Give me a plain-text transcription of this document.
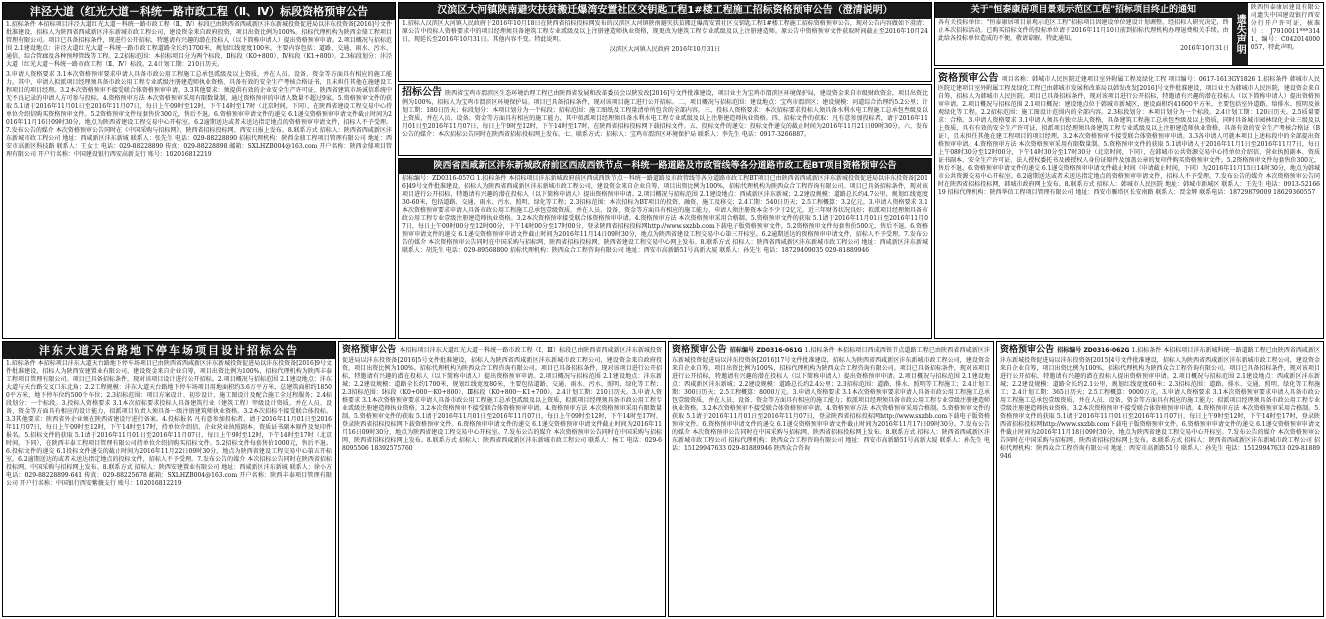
沣泾大道（红光大道－科统一路市政工程（Ⅱ、Ⅳ）标段资格预审公告
1.招标条件 本招标项目沣泾大道红光大道－科统一路市政工程（Ⅱ、Ⅳ）标段已由陕西省西咸新区沣东新城投资促进局以沣东投资备[2016]号文件批准建设，招标人为陕西省西咸新区沣东新城市政工程公司，建设资金来自政府投资，项目出资比例为100%。招标代理机构为陕西金鼎工程项目管理有限公司。项目已具备招标条件，现进行公开招标，特邀请有兴趣的潜在投标人（以下简称申请人）提出资格预审申请。2.项目概况与招标范围 2.1建设地点：沣泾大道红光大道－科统一路市政工程道路全长约1700米，规划红线宽度100米。主要内容包括：道路、交通、雨水、污水、通信、综合管廊及各种预埋管线等工程。2.2招标范围：本招标项目分为两个标段，Ⅱ标段（K0+800）、Ⅳ标段（K1+800）。2.3标段划分：沣泾大道（红光大道－科统一路市政工程（Ⅱ、Ⅳ）标段。2.4计划工期：210日历天。
3.申请人资格要求 3.1本次资格预审要求申请人具备市政公用工程施工总承包贰级及以上资质，并在人员、设备、资金等方面具有相应的施工能力。其中，申请人拟派项目经理须具备市政公用工程专业贰级注册建造师执业资格，具备有效的安全生产考核合格证书，且未担任其他在施建设工程项目的项目经理。3.2本次资格预审不接受联合体资格预审申请。3.3其他要求：须提供有效的企业安全生产许可证，陕西省建筑市场诚信系统中无不良记录的申请人方可参与投标。4.资格预审方法 本次资格预审采用有限数量制，通过资格预审的申请人数量不超过9家。5.资格预审文件的获取 5.1请于2016年11月01日至2016年11月07日，每日上午09时至12时，下午14时至17时（北京时间，下同），在陕西省建设工程交易中心持单位介绍信购买资格预审文件。5.2资格预审文件每套售价300元，售后不退。6.资格预审申请文件的递交 6.1递交资格预审申请文件截止时间为2016年11月16日09时30分，地点为陕西省建设工程交易中心开标室。6.2逾期送达或者未送达指定地点的资格预审申请文件，招标人不予受理。7.发布公告的媒介 本次资格预审公告同时在《中国采购与招标网》、陕西省招标投标网、西安日报上发布。8.联系方式 招标人：陕西省西咸新区沣东新城市政工程公司 地址：西咸新区沣东新城 联系人：张先生 电话：029-88228890 招标代理机构：陕西金鼎工程项目管理有限公司 地址：西安市高新区科技路 联系人：王女士 电话：029-88228899 传真：029-88228898 邮箱：SXLHZB004@163.com 开户名称：陕西金鼎项目管理有限公司 开户行名称：中国建设银行西安高新支行 账号：102016812219
汉滨区大河镇陕南避灾扶贫搬迁爆湾安置社区交钥匙工程1#楼工程施工招标资格预审公告（澄清说明）
1.招标人汉滨区大河镇人民政府于2016年10月18日在陕西省招标投标网发布的汉滨区大河镇陕南避灾扶贫搬迁爆湾安置社区交钥匙工程1#楼工程施工招标资格预审公告，现对公告内容做如下澄清：原公告中投标人资格要求中的项目经理须具备建筑工程专业贰级及以上注册建造师执业资格，现更改为建筑工程专业贰级及以上注册建造师。原公告中资格预审文件获取时间截止至2016年10月24日，现延长至2016年10月31日。其他内容不变。特此说明。
汉滨区大河镇人民政府 2016年10月31日
关于"恒泰康居项目景观示范区工程"招标项目终止的通知
各有关投标单位："恒泰康居项目景观示范区工程"招标项目因建设单位建设计划调整，经招标人研究决定，终止本次招标活动。已购买招标文件的投标单位请于2016年11月10日前到招标代理机构办理退费相关手续。由此给各投标单位造成的不便，敬请谅解。特此通知。
2016年10月31日 遗失声明
陕西恒泰康居建设有限公司遗失中国建设银行西安分行开户许可证，核准号：J7910011***3141，编号：C042014000057，特此声明。
招标公告 陕西省宝鸡市渭滨区生态环境治理工程已由陕西省发展和改革委员会以陕发改[2016]号文件批准建设，项目业主为宝鸡市渭滨区环境保护局，建设资金来自市级财政资金，项目出资比例为100%，招标人为宝鸡市渭滨区环境保护局。项目已具备招标条件，现对该项目施工进行公开招标。二、项目概况与招标范围：建设地点：宝鸡市渭滨区；建设规模：河道综合治理约5.2公里；计划工期：180日历天；标段划分：本项目划分为一个标段；招标范围：施工图纸及工程量清单所包含的全部内容。三、投标人资格要求：本次招标要求投标人须具备水利水电工程施工总承包叁级及以上资质，并在人员、设备、资金等方面具有相应的施工能力，其中拟派项目经理须具备水利水电工程专业贰级及以上注册建造师执业资格。四、招标文件的获取：凡有意参加投标者，请于2016年11月01日至2016年11月07日，每日上午9时至12时，下午14时至17时，在陕西省招标投标网下载招标文件。五、投标文件的递交：投标文件递交的截止时间为2016年11月21日09时30分。六、发布公告的媒介：本次招标公告同时在陕西省招标投标网上发布。七、联系方式：招标人：宝鸡市渭滨区环境保护局 联系人：李先生 电话：0917-3266887。
陕西省西咸新区沣东新城政府前区西成西铁节点－科统一路道路及市政管线等各分道路市政工程BT项目资格预审公告
招标编号：ZD0316-057G 1.招标条件 本招标项目沣东新城政府前区西成西铁节点－科统一路道路及市政管线等各分道路市政工程BT项目已由陕西省西咸新区沣东新城投资促进局以沣东投资备[2016]49号文件批准建设，招标人为陕西省西咸新区沣东新城市政工程公司，建设资金来自企业自筹，项目出资比例为100%，招标代理机构为陕西众合工程咨询有限公司。项目已具备招标条件，现对该项目进行公开招标，特邀请有兴趣的潜在投标人（以下简称申请人）提出资格预审申请。2.项目概况与招标范围 2.1建设地点：西咸新区沣东新城；2.2建设规模：道路总长约4.7公里，规划红线宽度30-60米，包括道路、交通、雨水、污水、照明、绿化等工程；2.3招标范围：本次招标为BT项目的投资、融资、施工及移交；2.4工期：540日历天；2.5工程概算：3.2亿元。3.申请人资格要求 3.1本次资格预审要求申请人具备市政公用工程施工总承包壹级资质，并在人员、设备、资金等方面具有相应的施工能力，申请人须注册资本金不少于2亿元，近三年财务状况良好；拟派项目经理须具备市政公用工程专业壹级注册建造师执业资格。3.2本次资格预审接受联合体资格预审申请。4.资格预审方法 本次资格预审采用合格制。5.资格预审文件的获取 5.1请于2016年11月01日至2016年11月07日，每日上午09时00分至12时00分，下午14时00分至17时00分，登录陕西省招标投标网http://www.sxzbb.com下载电子版资格预审文件。5.2资格预审文件每套售价500元，售后不退。6.资格预审申请文件的递交 6.1递交资格预审申请文件截止时间为2016年11月14日09时30分，地点为陕西省建设工程交易中心第三开标室。6.2逾期送达的资格预审申请文件，招标人不予受理。7.发布公告的媒介 本次资格预审公告同时在中国采购与招标网、陕西省招标投标网、陕西省建设工程交易中心网上发布。8.联系方式 招标人：陕西省西咸新区沣东新城市政工程公司 地址：西咸新区沣东新城 联系人：胡先生 电话：029-89568800 招标代理机构：陕西众合工程咨询有限公司 地址：西安市高新路51号高新大厦 联系人：孙先生 电话：18729409035 029-81889946
资格预审公告 项目名称：韩城市人民医院迁建项目室外附属工程及绿化工程 项目编号：0617-1613GY1826 1.招标条件 韩城市人民医院迁建项目室外附属工程及绿化工程已由韩城市发展和改革局以韩发改发[2016]号文件批准建设，项目业主为韩城市人民医院，建设资金来自自筹，招标人为韩城市人民医院。项目已具备招标条件，现对该项目进行公开招标，特邀请有兴趣的潜在投标人（以下简称申请人）提出资格预审申请。2.项目概况与招标范围 2.1项目概况：建设地点位于韩城市新城区，建设面积约41600平方米，主要包括室外道路、给排水、照明及景观绿化等工程。2.2招标范围：施工图设计范围内的全部内容。2.3标段划分：本项目划分为一个标段。2.4计划工期：120日历天。2.5质量要求：合格。3.申请人资格要求 3.1申请人须具有独立法人资格，具备建筑工程施工总承包叁级及以上资质，同时具备城市园林绿化企业三级及以上资质，具有有效的安全生产许可证，拟派项目经理须具备建筑工程专业贰级及以上注册建造师执业资格，具备有效的安全生产考核合格证（B证），且未担任其他在建工程项目的项目经理。3.2本次资格预审不接受联合体资格预审申请。3.3各申请人可就本项目上述标段中的全部提出资格预审申请。4.资格预审方法 本次资格预审采用有限数量制。5.资格预审文件的获取 5.1请申请人于2016年11月1日至2016年11月7日，每日上午08时30分至12时00分，下午14时30分至17时30分（北京时间，下同），在韩城市公共资源交易中心持单位介绍信、营业执照副本、资质证书副本、安全生产许可证、法人授权委托书及被授权人身份证原件及加盖公章的复印件购买资格预审文件。5.2资格预审文件每套售价300元，售后不退。6.资格预审申请文件的递交 6.1递交资格预审申请文件截止时间（申请截止时间，下同）为2016年11月15日14时30分，地点为韩城市公共资源交易中心开标室。6.2逾期送达或者未送达指定地点的资格预审申请文件，招标人不予受理。7.发布公告的媒介 本次资格预审公告同时在陕西省招标投标网、韩城市政府网上发布。8.联系方式 招标人：韩城市人民医院 地址：韩城市新城区 联系人：王先生 电话：0913-5216619 招标代理机构：陕西华信工程项目管理有限公司 地址：西安市雁塔区长安南路 联系人：贾金辉 联系电话：18729879009 18629360557
沣东大道天台路地下停车场项目设计招标公告
1.招标条件 本招标项目沣东大道天台路地下停车场项目已由陕西省西咸新区沣东新城投资促进局以沣东投资备[2016]9号文件批准建设，招标人为陕西安建置业有限公司，建设资金来自企业自筹，项目出资比例为100%，招标代理机构为陕西丰泰工程项目管理有限公司。项目已具备招标条件，现对该项目设计进行公开招标。2.项目概况与招标范围 2.1建设地点：沣东大道与天台路交叉口东北角；2.2工程规模：沣东大道天台路地下停车场项目用地面积约3.6万平方米，总建筑面积约18500平方米，地下停车位约500个车位；2.3招标范围：项目方案设计、初步设计、施工图设计及配合施工全过程服务；2.4标段划分：一个标段。3.投标人资格要求 3.1本次招标要求投标人具备建筑行业（建筑工程）甲级设计资质，并在人员、设备、资金等方面具有相应的设计能力，拟派项目负责人须具备一级注册建筑师执业资格。3.2本次招标不接受联合体投标。3.3其他要求：陕西省外企业须在陕西省建设厅进行备案。4.投标报名 凡有意参加投标者，请于2016年11月01日至2016年11月07日，每日上午09时至12时，下午14时至17时，持单位介绍信、企业营业执照副本、资质证书副本原件及复印件报名。5.招标文件的获取 5.1请于2016年11月01日至2016年11月07日，每日上午9时至12时，下午14时至17时（北京时间，下同），在陕西丰泰工程项目管理有限公司持单位介绍信购买招标文件。5.2招标文件每套售价1000元，售后不退。6.投标文件的递交 6.1投标文件递交的截止时间为2016年11月22日09时30分，地点为陕西省建设工程交易中心第五开标室。6.2逾期送达的或者未送达指定地点的投标文件，招标人不予受理。7.发布公告的媒介 本次招标公告同时在陕西省招标投标网、中国采购与招标网上发布。8.联系方式 招标人：陕西安建置业有限公司 地址：西咸新区沣东新城 联系人：徐小方 电话：029-88228899-641 传真：029-88225678 邮箱：SXLHZB004@163.com 开户名称：陕西丰泰项目管理有限公司 开户行名称：中国银行西安紫薇支行 账号：102016812219
资格预审公告 本招标项目沣东大道红光大道－科统一路市政工程（Ⅰ、Ⅲ）标段已由陕西省西咸新区沣东新城投资促进局以沣东投资备[2016]5号文件批准建设，招标人为陕西省西咸新区沣东新城市政工程公司，建设资金来自政府投资，项目出资比例为100%。招标代理机构为陕西众合工程咨询有限公司。项目已具备招标条件，现对该项目进行公开招标，特邀请有兴趣的潜在投标人（以下简称申请人）提出资格预审申请。2.项目概况与招标范围 2.1建设地点：沣东新城；2.2建设规模：道路全长约1700米，规划红线宽度80米，主要包括道路、交通、雨水、污水、照明、绿化等工程；2.3招标范围：Ⅰ标段（K0+000～K0+800）、Ⅲ标段（K0+800～K1+700）。2.4计划工期：210日历天。3.申请人资格要求 3.1本次资格预审要求申请人具备市政公用工程施工总承包贰级及以上资质，拟派项目经理须具备市政公用工程专业贰级注册建造师执业资格。3.2本次资格预审不接受联合体资格预审申请。4.资格预审方法 本次资格预审采用有限数量制。5.资格预审文件的获取 5.1请于2016年11月01日至2016年11月07日，每日上午09时至12时，下午14时至17时，登录陕西省招标投标网下载资格预审文件。6.资格预审申请文件的递交 6.1递交资格预审申请文件截止时间为2016年11月16日09时30分，地点为陕西省建设工程交易中心开标室。7.发布公告的媒介 本次资格预审公告同时在中国采购与招标网、陕西省招标投标网上发布。8.联系方式 招标人：陕西省西咸新区沣东新城市政工程公司 联系人：杨工 电话：029-68095506 18392575760
资格预审公告 招标编号 ZD0316-061G 1.招标条件 本招标项目西成西铁节点道路工程已由陕西省西咸新区沣东新城投资促进局以沣东投资备[2016]17号文件批准建设，招标人为陕西省西咸新区沣东新城市政工程公司，建设资金来自企业自筹，项目出资比例为100%，招标代理机构为陕西众合工程咨询有限公司。项目已具备招标条件，现对该项目进行公开招标，特邀请有兴趣的潜在投标人（以下简称申请人）提出资格预审申请。2.项目概况与招标范围 2.1建设地点：西咸新区沣东新城；2.2建设规模：道路总长约2.4公里；2.3招标范围：道路、排水、照明等工程施工；2.4计划工期：300日历天；2.5工程概算：8000万元。3.申请人资格要求 3.1本次资格预审要求申请人具备市政公用工程施工总承包壹级资质，并在人员、设备、资金等方面具有相应的施工能力；拟派项目经理须具备市政公用工程专业壹级注册建造师执业资格。3.2本次资格预审不接受联合体资格预审申请。4.资格预审方法 本次资格预审采用合格制。5.资格预审文件的获取 5.1请于2016年11月01日至2016年11月07日，登录陕西省招标投标网http://www.sxzbb.com下载电子版资格预审文件。6.资格预审申请文件的递交 6.1递交资格预审申请文件截止时间为2016年11月17日09时30分。7.发布公告的媒介 本次资格预审公告同时在中国采购与招标网、陕西省招标投标网上发布。8.联系方式 招标人：陕西省西咸新区沣东新城市政工程公司 招标代理机构：陕西众合工程咨询有限公司 地址：西安市高新路51号高新大厦 联系人：孙先生 电话：15129947633 029-81889946 陕西众合咨询
资格预审公告 招标编号 ZD0316-062G 1.招标条件 本招标项目沣东新城科统一路道路工程已由陕西省西咸新区沣东新城投资促进局以沣东投资备[2015]4号文件批准建设，招标人为陕西省西咸新区沣东新城市政工程公司，建设资金来自企业自筹，项目出资比例为100%，招标代理机构为陕西众合工程咨询有限公司。项目已具备招标条件，现对该项目进行公开招标，特邀请有兴趣的潜在投标人提出资格预审申请。2.项目概况与招标范围 2.1建设地点：西咸新区沣东新城；2.2建设规模：道路全长约2.1公里，规划红线宽度60米；2.3招标范围：道路、排水、交通、照明、绿化等工程施工；2.4计划工期：365日历天；2.5工程概算：9000万元。3.申请人资格要求 3.1本次资格预审要求申请人具备市政公用工程施工总承包壹级资质，并在人员、设备、资金等方面具有相应的施工能力；拟派项目经理须具备市政公用工程专业壹级注册建造师执业资格。3.2本次资格预审不接受联合体资格预审申请。4.资格预审方法 本次资格预审采用合格制。5.资格预审文件的获取 5.1请于2016年11月01日至2016年11月07日，每日上午9时至12时，下午14时至17时，登录陕西省招标投标网http://www.sxzbb.com下载电子版资格预审文件。6.资格预审申请文件的递交 6.1递交资格预审申请文件截止时间为2016年11月18日09时30分，地点为陕西省建设工程交易中心开标室。7.发布公告的媒介 本次资格预审公告同时在中国采购与招标网、陕西省招标投标网上发布。8.联系方式 招标人：陕西省西咸新区沣东新城市政工程公司 招标代理机构：陕西众合工程咨询有限公司 地址：西安市高新路51号 联系人：孙先生 电话：15129947633 029-81889946
